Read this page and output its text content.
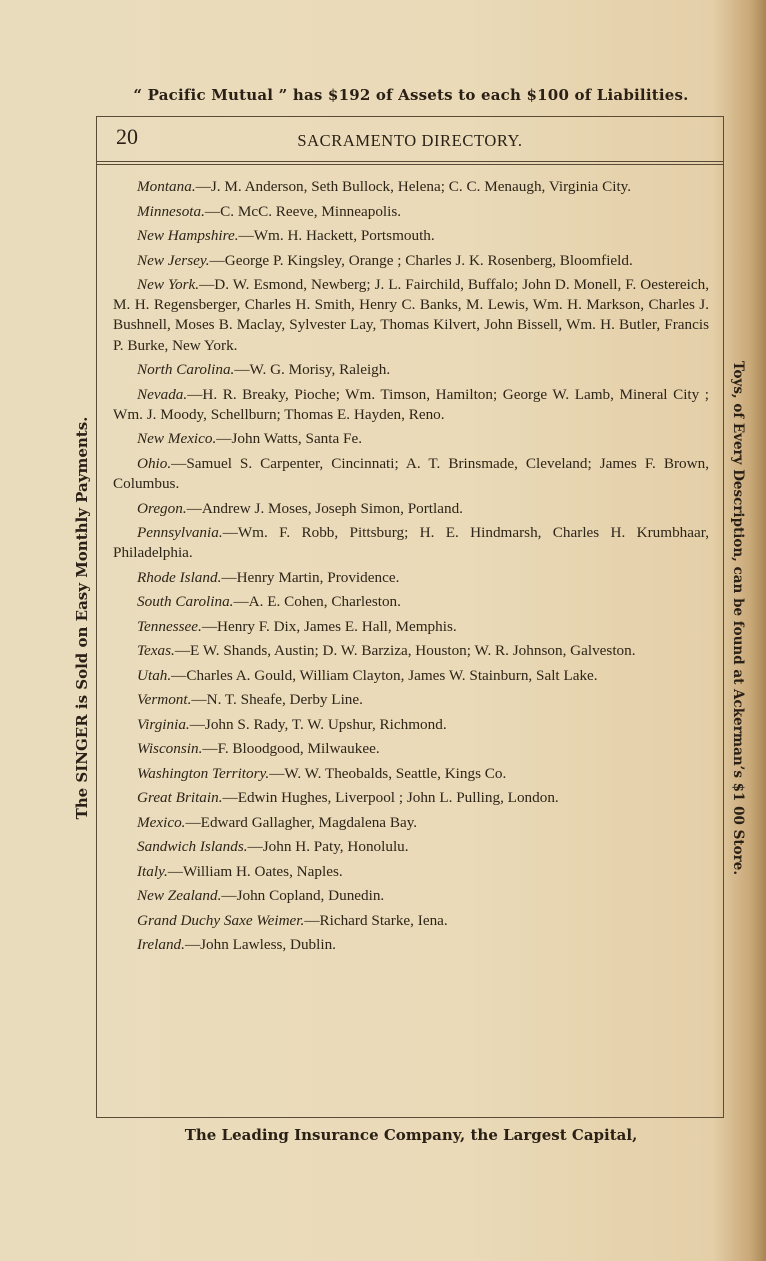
“ Pacific Mutual ” has $192 of Assets to each $100 of Liabilities.
The SINGER is Sold on Easy Monthly Payments.	Toys, of Every Description, can be found at Ackerman’s $1 00 Store.
20	SACRAMENTO DIRECTORY.

Montana.—J. M. Anderson, Seth Bullock, Helena; C. C. Menaugh, Virginia City.

Minnesota.—C. McC. Reeve, Minneapolis.

New Hampshire.—Wm. H. Hackett, Portsmouth.

New Jersey.—George P. Kingsley, Orange ; Charles J. K. Rosenberg, Bloomfield.

New York.—D. W. Esmond, Newberg; J. L. Fairchild, Buffalo; John D. Monell, F. Oestereich, M. H. Regensberger, Charles H. Smith, Henry C. Banks, M. Lewis, Wm. H. Markson, Charles J. Bushnell, Moses B. Maclay, Sylvester Lay, Thomas Kilvert, John Bissell, Wm. H. Butler, Francis P. Burke, New York.

North Carolina.—W. G. Morisy, Raleigh.

Nevada.—H. R. Breaky, Pioche; Wm. Timson, Hamilton; George W. Lamb, Mineral City ; Wm. J. Moody, Schellburn; Thomas E. Hayden, Reno.

New Mexico.—John Watts, Santa Fe.

Ohio.—Samuel S. Carpenter, Cincinnati; A. T. Brinsmade, Cleveland; James F. Brown, Columbus.

Oregon.—Andrew J. Moses, Joseph Simon, Portland.

Pennsylvania.—Wm. F. Robb, Pittsburg; H. E. Hindmarsh, Charles H. Krumbhaar, Philadelphia.

Rhode Island.—Henry Martin, Providence.

South Carolina.—A. E. Cohen, Charleston.

Tennessee.—Henry F. Dix, James E. Hall, Memphis.

Texas.—E W. Shands, Austin; D. W. Barziza, Houston; W. R. Johnson, Galveston.

Utah.—Charles A. Gould, William Clayton, James W. Stainburn, Salt Lake.

Vermont.—N. T. Sheafe, Derby Line.

Virginia.—John S. Rady, T. W. Upshur, Richmond.

Wisconsin.—F. Bloodgood, Milwaukee.

Washington Territory.—W. W. Theobalds, Seattle, Kings Co.

Great Britain.—Edwin Hughes, Liverpool ; John L. Pulling, London.

Mexico.—Edward Gallagher, Magdalena Bay.

Sandwich Islands.—John H. Paty, Honolulu.

Italy.—William H. Oates, Naples.

New Zealand.—John Copland, Dunedin.

Grand Duchy Saxe Weimer.—Richard Starke, Iena.

Ireland.—John Lawless, Dublin.

The Leading Insurance Company, the Largest Capital,
